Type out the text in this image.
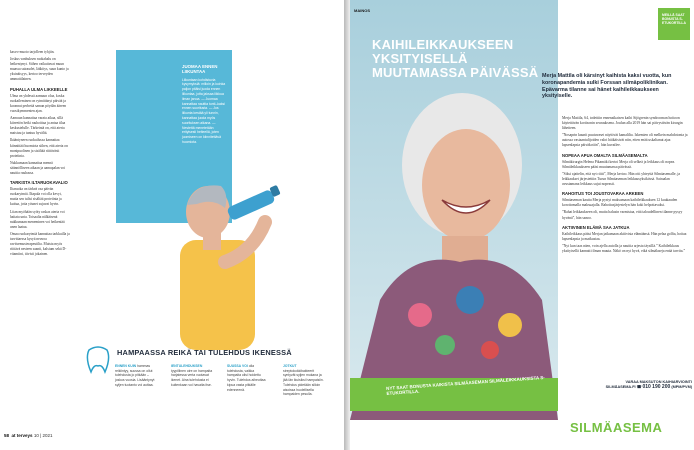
kasvo-muoto tarjolleen tyhjiin.

Joskus vanhuksen ruokahalu on heikentynyt. Siihen vaikuttavat muun muassa sairaudet, lääkitys, suun kunto ja yksinäisyys, kertoo terveyden ammattilainen.

PUHALLA ULMA LIKKEELLE

Ulma on yhdessä aamuun oloa, koska ruokaileminen on rytmittänyt päivää ja koonnut perhettä saman pöydän ääreen vuosikymmenten ajan.

Aamuun kannattaa varata aikaa, sillä kiireetön hetki rauhoittaa ja antaa tilaa keskustelulle. Tärkeintä on, että ateria maistuu ja tuntuu hyvältä.

Ikääntyneen ruokailussa kannattaa kiinnittää huomiota siihen, että ateria on monipuolinen ja sisältää riittävästi proteiinia.

Nukkumaan kannattaa mennä säännölliseen aikaan ja aamupalan voi nauttia rauhassa.

TARKISTA ILTARUOKAVALIO

Iltaruoka on tärkeä osa päivän ruokarytmiä. Iltapala voi olla kevyt, mutta sen tulisi sisältää proteiinia ja kuitua, jotta yöunet sujuvat hyvin.

Liian myöhään syöty raskas ateria voi haitata unta. Toisaalta nälkäisenä nukkumaan meneminen voi heikentää unen laatua.

Omaa ruokarytmiä kannattaa tarkkailla ja tarvittaessa kysyä neuvoa ravitsemusterapeutilta. Muista myös riittävä nesteen saanti, kalsium sekä D-vitamiini, tiivisti jokainen.

JUOMAA ENNEN LIIKUNTAA
Liikuntaan kohdistuvia kysymyksiä: milloin ja kuinka paljon pitäisi juoda ennen liikuntaa, jotta jaksaa liikkua ilman janoa. — Juomaa kannattaa nauttia tunti–kaksi ennen suoritusta. — Jos liikunta kestää yli tunnin, kannattaa juoda myös suorituksen aikana. — Nestettä menetetään erityisesti helteellä, joten juomiseen on kiinnitettävä huomiota.
HAMPAASSA REIKÄ TAI TULEHDUS IKENESSÄ
ENNEN KUIN hammas reikiintyy, suussa on ollut tulehdusta jo pitkään – joskus vuosia. Lisääntynyt syljen tuotanto voi auttaa.
IENTULEHDUKSEN tyypillinen oire on hampaita harjatessa verta vuotavat ikenet. Aina tulehdusta ei kuitenkaan voi havaita itse.
SUUSSA VOI olla tulehdusta, vaikka hampaita olisi hoidettu hyvin. Tulehdus aiheuttaa kipua vasta pitkälle edenneenä.
JOTKUT streptokokkibakteerit syntyvät syljen mukana ja jää iän ikuisiksi hampaisiin. Tulehdus pidetään silloin aisoissa huolellisella hampaiden pesulla.
58 at terveys 10 | 2021
KAIHILEIKKAUKSEEN YKSITYISELLÄ MUUTAMASSA PÄIVÄSSÄ
NYT SAAT BONUSTA KAIKISTA SILMÄASEMAN SILMÄLEIKKAUKSISTA S-ETUKORTILLA.
MAINOS
MEILLÄ SAAT BONUSTA S-ETUKORTILLA
Merja Mattila oli kärsinyt kaihista kaksi vuotta, kun koronapandemia sulki Forssan silmäpoliklinikan. Epävarma tilanne sai hänet kaihileikkaukseen yksityiselle.

Merja Mattila, 64, todettiin ennenaikaisen kaihi Sijögrenin syndrooman hoitoon käytettävän kortisonin seurauksena. Joulun alla 2019 hän sai päivystävän kirurgin lähetteen.

”Nosaprin kaunit puutuvaset näyttivät kamalilta. Iskemien oli melkein mahdotonta ja autossa vastaantulijoiden valot häikäisivät niin, etten enää uskaltanut ajaa lapsenlapsia päiväkotiin”, hän kuvailee.

NOPEAA APUA OMALTA SILMÄASEMALTA

Silmäkirurgin Helena Pikamäki kertoi Merja oli selkeä ja leikkaus oli nopea. Silmäleikkaukseen pääsi muutamassa päivässä.

”Siksi ajattelin, että nyt riitti”, Merja kertoo. Hän otti yhteyttä Silmäasemalle, ja leikkaukset järjestettiin Turun Silmäaseman leikkausyksikössä. Sairaalan avustamana leikkaus sujui nopeasti.

RAHOITUS TOI JOUSTOVARAA ARKEEN

Silmäaseman kautta Merja pystyi maksamaan kaihileikkauksen 12 kuukauden korottomalla maksuajalla. Rahoitusjärjestelyn hän koki helpottavaksi.

”Rahat leikkaukseen oli, mutta halusin varmistaa, että taloudellinen tilanne pysyy hyvänä”, hän sanoo.

AKTIIVINEN ELÄMÄ SAA JATKUA

Kaihileikkaus pääsi Merjan jatkamaan aktiivista elämäänsä. Hän pelaa golfia, hoitaa lapsenlapsia ja matkustaa.

”Nyt kun taas näen, voin ajella autolla ja nauttia arjesta täysillä.” Kaihileikkaus yksityisellä kannatti ilman muuta. Näkö on nyt hyvä, eikä silmälaseja enää tarvita.”

VARAA MAKSUTON KAIHIARVIOINTI
SILMÄASEMA.FI ☎ 010 190 200 (MPM/PVM)
SILMÄASEMA
